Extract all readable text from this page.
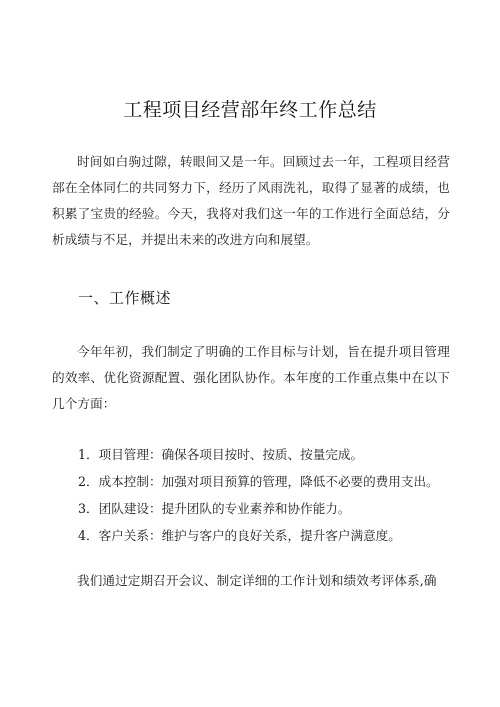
工程项目经营部年终工作总结
时间如白驹过隙，转眼间又是一年。回顾过去一年，工程项目经营部在全体同仁的共同努力下，经历了风雨洗礼，取得了显著的成绩，也积累了宝贵的经验。今天，我将对我们这一年的工作进行全面总结，分析成绩与不足，并提出未来的改进方向和展望。
一、工作概述
今年年初，我们制定了明确的工作目标与计划，旨在提升项目管理的效率、优化资源配置、强化团队协作。本年度的工作重点集中在以下几个方面：
1．项目管理：确保各项目按时、按质、按量完成。
2．成本控制：加强对项目预算的管理，降低不必要的费用支出。
3．团队建设：提升团队的专业素养和协作能力。
4．客户关系：维护与客户的良好关系，提升客户满意度。
我们通过定期召开会议、制定详细的工作计划和绩效考评体系,确
